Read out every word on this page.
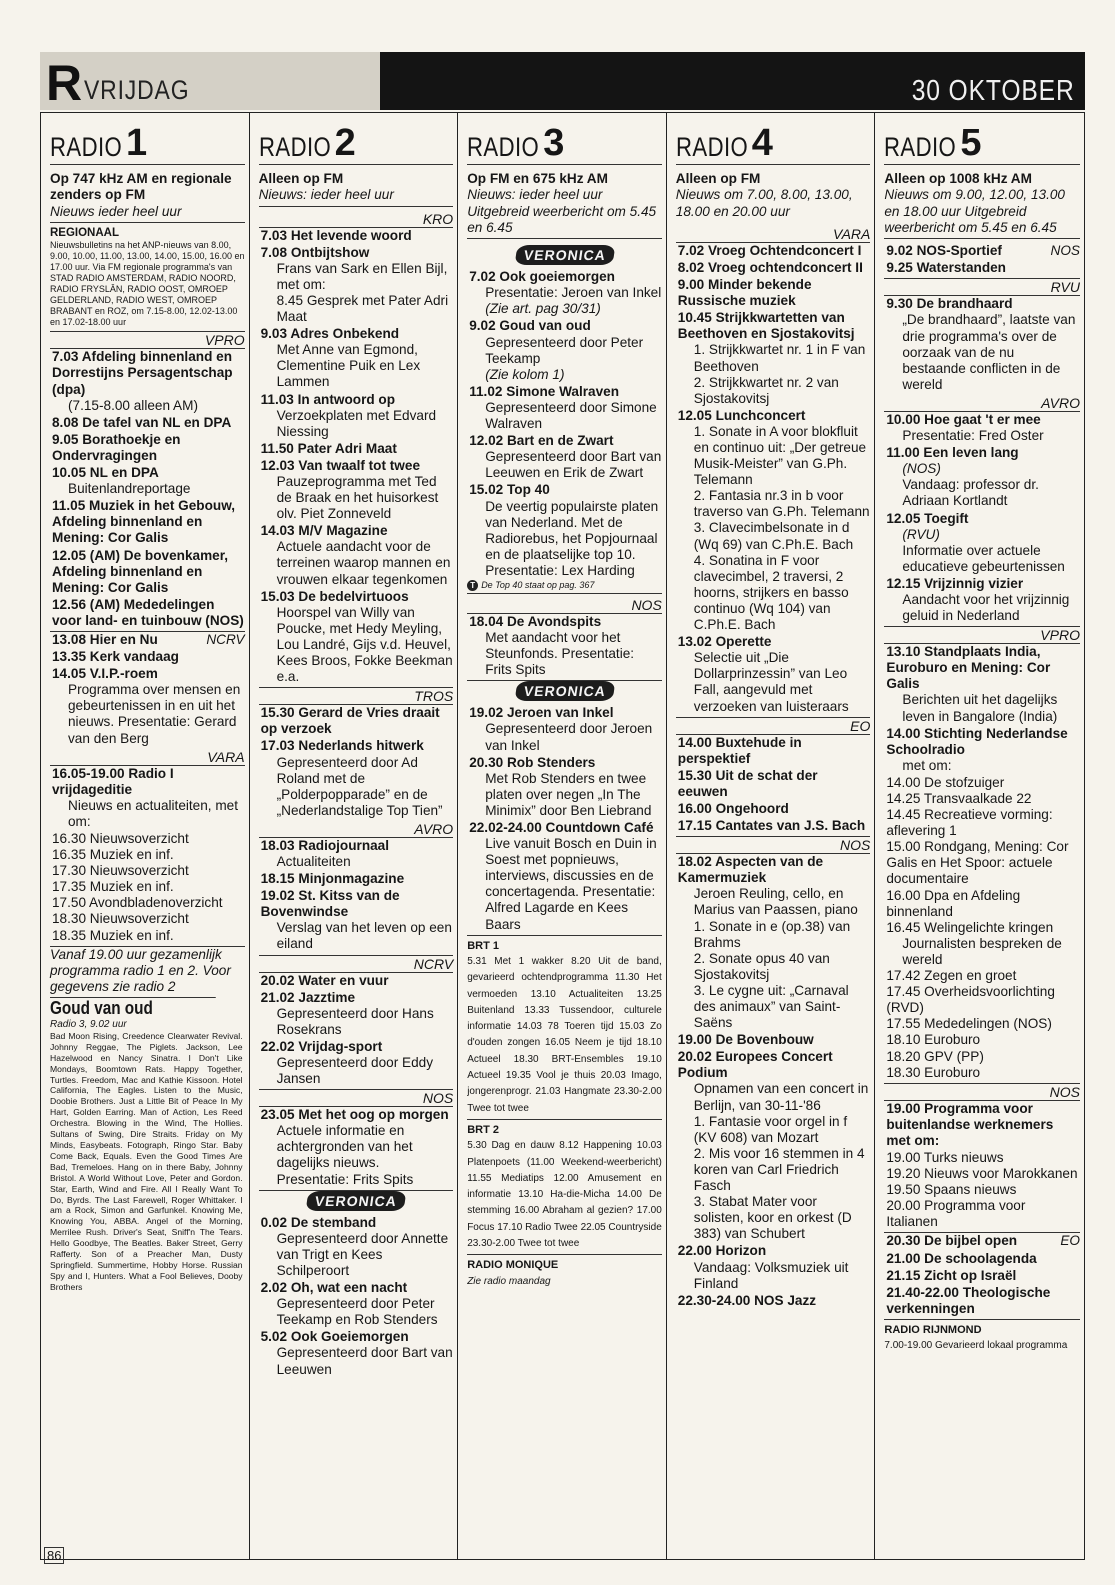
R VRIJDAG	30 OKTOBER
RADIO 1
Op 747 kHz AM en regionale zenders op FM
Nieuws ieder heel uur
REGIONAAL
Nieuwsbulletins na het ANP-nieuws van 8.00, 9.00, 10.00, 11.00, 13.00, 14.00, 15.00, 16.00 en 17.00 uur. Via FM regionale programma's van STAD RADIO AMSTERDAM, RADIO NOORD, RADIO FRYSLÂN, RADIO OOST, OMROEP GELDERLAND, RADIO WEST, OMROEP BRABANT en ROZ, om 7.15-8.00, 12.02-13.00 en 17.02-18.00 uur
VPRO
7.03 Afdeling binnenland en Dorrestijns Persagentschap (dpa)
(7.15-8.00 alleen AM)
8.08 De tafel van NL en DPA
9.05 Borathoekje en Ondervragingen
10.05 NL en DPA
Buitenlandreportage
11.05 Muziek in het Gebouw, Afdeling binnenland en Mening: Cor Galis
12.05 (AM) De bovenkamer, Afdeling binnenland en Mening: Cor Galis
12.56 (AM) Mededelingen voor land- en tuinbouw (NOS)
13.08 Hier en Nu	NCRV
13.35 Kerk vandaag
14.05 V.I.P.-roem
Programma over mensen en gebeurtenissen in en uit het nieuws. Presentatie: Gerard van den Berg
VARA
16.05-19.00 Radio I vrijdageditie
Nieuws en actualiteiten, met om:
16.30 Nieuwsoverzicht
16.35 Muziek en inf.
17.30 Nieuwsoverzicht
17.35 Muziek en inf.
17.50 Avondbladenoverzicht
18.30 Nieuwsoverzicht
18.35 Muziek en inf.
Vanaf 19.00 uur gezamenlijk programma radio 1 en 2. Voor gegevens zie radio 2
Goud van oud
Radio 3, 9.02 uur
Bad Moon Rising, Creedence Clearwater Revival. Johnny Reggae, The Piglets. Jackson, Lee Hazelwood en Nancy Sinatra. I Don't Like Mondays, Boomtown Rats. Happy Together, Turtles. Freedom, Mac and Kathie Kissoon. Hotel California, The Eagles. Listen to the Music, Doobie Brothers. Just a Little Bit of Peace In My Hart, Golden Earring. Man of Action, Les Reed Orchestra. Blowing in the Wind, The Hollies. Sultans of Swing, Dire Straits. Friday on My Minds, Easybeats. Fotograph, Ringo Star. Baby Come Back, Equals. Even the Good Times Are Bad, Tremeloes. Hang on in there Baby, Johnny Bristol. A World Without Love, Peter and Gordon. Star, Earth, Wind and Fire. All I Really Want To Do, Byrds. The Last Farewell, Roger Whittaker. I am a Rock, Simon and Garfunkel. Knowing Me, Knowing You, ABBA. Angel of the Morning, Merrilee Rush. Driver's Seat, Sniff'n The Tears. Hello Goodbye, The Beatles. Baker Street, Gerry Rafferty. Son of a Preacher Man, Dusty Springfield. Summertime, Hobby Horse. Russian Spy and I, Hunters. What a Fool Believes, Dooby Brothers
RADIO 2
Alleen op FM
Nieuws: ieder heel uur
KRO
7.03 Het levende woord
7.08 Ontbijtshow
Frans van Sark en Ellen Bijl, met om:
8.45 Gesprek met Pater Adri Maat
9.03 Adres Onbekend
Met Anne van Egmond, Clementine Puik en Lex Lammen
11.03 In antwoord op
Verzoekplaten met Edvard Niessing
11.50 Pater Adri Maat
12.03 Van twaalf tot twee
Pauzeprogramma met Ted de Braak en het huisorkest olv. Piet Zonneveld
14.03 M/V Magazine
Actuele aandacht voor de terreinen waarop mannen en vrouwen elkaar tegenkomen
15.03 De bedelvirtuoos
Hoorspel van Willy van Poucke, met Hedy Meyling, Lou Landré, Gijs v.d. Heuvel, Kees Broos, Fokke Beekman e.a.
TROS
15.30 Gerard de Vries draait op verzoek
17.03 Nederlands hitwerk
Gepresenteerd door Ad Roland met de „Polderpopparade” en de „Nederlandstalige Top Tien”
AVRO
18.03 Radiojournaal
Actualiteiten
18.15 Minjonmagazine
19.02 St. Kitss van de Bovenwindse
Verslag van het leven op een eiland
NCRV
20.02 Water en vuur
21.02 Jazztime
Gepresenteerd door Hans Rosekrans
22.02 Vrijdag-sport
Gepresenteerd door Eddy Jansen
NOS
23.05 Met het oog op morgen
Actuele informatie en achtergronden van het dagelijks nieuws. Presentatie: Frits Spits
VERONICA
0.02 De stemband
Gepresenteerd door Annette van Trigt en Kees Schilperoort
2.02 Oh, wat een nacht
Gepresenteerd door Peter Teekamp en Rob Stenders
5.02 Ook Goeiemorgen
Gepresenteerd door Bart van Leeuwen
RADIO 3
Op FM en 675 kHz AM
Nieuws: ieder heel uur Uitgebreid weerbericht om 5.45 en 6.45
VERONICA
7.02 Ook goeiemorgen
Presentatie: Jeroen van Inkel
(Zie art. pag 30/31)
9.02 Goud van oud
Gepresenteerd door Peter Teekamp
(Zie kolom 1)
11.02 Simone Walraven
Gepresenteerd door Simone Walraven
12.02 Bart en de Zwart
Gepresenteerd door Bart van Leeuwen en Erik de Zwart
15.02 Top 40
De veertig populairste platen van Nederland. Met de Radiorebus, het Popjournaal en de plaatselijke top 10. Presentatie: Lex Harding
T De Top 40 staat op pag. 367
NOS
18.04 De Avondspits
Met aandacht voor het Steunfonds. Presentatie: Frits Spits
VERONICA
19.02 Jeroen van Inkel
Gepresenteerd door Jeroen van Inkel
20.30 Rob Stenders
Met Rob Stenders en twee platen over negen „In The Minimix” door Ben Liebrand
22.02-24.00 Countdown Café
Live vanuit Bosch en Duin in Soest met popnieuws, interviews, discussies en de concertagenda. Presentatie: Alfred Lagarde en Kees Baars
BRT 1
5.31 Met 1 wakker 8.20 Uit de band, gevarieerd ochtendprogramma 11.30 Het vermoeden 13.10 Actualiteiten 13.25 Buitenland 13.33 Tussendoor, culturele informatie 14.03 78 Toeren tijd 15.03 Zo d'ouden zongen 16.05 Neem je tijd 18.10 Actueel 18.30 BRT-Ensembles 19.10 Actueel 19.35 Vool je thuis 20.03 Imago, jongerenprogr. 21.03 Hangmate 23.30-2.00 Twee tot twee
BRT 2
5.30 Dag en dauw 8.12 Happening 10.03 Platenpoets (11.00 Weekend-weerbericht) 11.55 Mediatips 12.00 Amusement en informatie 13.10 Ha-die-Micha 14.00 De stemming 16.00 Abraham al gezien? 17.00 Focus 17.10 Radio Twee 22.05 Countryside 23.30-2.00 Twee tot twee
RADIO MONIQUE
Zie radio maandag
RADIO 4
Alleen op FM
Nieuws om 7.00, 8.00, 13.00, 18.00 en 20.00 uur
VARA
7.02 Vroeg Ochtendconcert I
8.02 Vroeg ochtendconcert II
9.00 Minder bekende Russische muziek
10.45 Strijkkwartetten van Beethoven en Sjostakovitsj
1. Strijkkwartet nr. 1 in F van Beethoven
2. Strijkkwartet nr. 2 van Sjostakovitsj
12.05 Lunchconcert
1. Sonate in A voor blokfluit en continuo uit: „Der getreue Musik-Meister” van G.Ph. Telemann
2. Fantasia nr.3 in b voor traverso van G.Ph. Telemann
3. Clavecimbelsonate in d (Wq 69) van C.Ph.E. Bach
4. Sonatina in F voor clavecimbel, 2 traversi, 2 hoorns, strijkers en basso continuo (Wq 104) van C.Ph.E. Bach
13.02 Operette
Selectie uit „Die Dollarprinzessin” van Leo Fall, aangevuld met verzoeken van luisteraars
EO
14.00 Buxtehude in perspektief
15.30 Uit de schat der eeuwen
16.00 Ongehoord
17.15 Cantates van J.S. Bach
NOS
18.02 Aspecten van de Kamermuziek
Jeroen Reuling, cello, en Marius van Paassen, piano
1. Sonate in e (op.38) van Brahms
2. Sonate opus 40 van Sjostakovitsj
3. Le cygne uit: „Carnaval des animaux” van Saint-Saëns
19.00 De Bovenbouw
20.02 Europees Concert Podium
Opnamen van een concert in Berlijn, van 30-11-'86
1. Fantasie voor orgel in f (KV 608) van Mozart
2. Mis voor 16 stemmen in 4 koren van Carl Friedrich Fasch
3. Stabat Mater voor solisten, koor en orkest (D 383) van Schubert
22.00 Horizon
Vandaag: Volksmuziek uit Finland
22.30-24.00 NOS Jazz
RADIO 5
Alleen op 1008 kHz AM
Nieuws om 9.00, 12.00, 13.00 en 18.00 uur Uitgebreid weerbericht om 5.45 en 6.45
9.02 NOS-Sportief	NOS
9.25 Waterstanden
RVU
9.30 De brandhaard
„De brandhaard”, laatste van drie programma's over de oorzaak van de nu bestaande conflicten in de wereld
AVRO
10.00 Hoe gaat 't er mee
Presentatie: Fred Oster
11.00 Een leven lang
(NOS)
Vandaag: professor dr. Adriaan Kortlandt
12.05 Toegift
(RVU)
Informatie over actuele educatieve gebeurtenissen
12.15 Vrijzinnig vizier
Aandacht voor het vrijzinnig geluid in Nederland
VPRO
13.10 Standplaats India, Euroburo en Mening: Cor Galis
Berichten uit het dagelijks leven in Bangalore (India)
14.00 Stichting Nederlandse Schoolradio
met om:
14.00 De stofzuiger
14.25 Transvaalkade 22
14.45 Recreatieve vorming: aflevering 1
15.00 Rondgang, Mening: Cor Galis en Het Spoor: actuele documentaire
16.00 Dpa en Afdeling binnenland
16.45 Welingelichte kringen
Journalisten bespreken de wereld
17.42 Zegen en groet
17.45 Overheidsvoorlichting (RVD)
17.55 Mededelingen (NOS)
18.10 Euroburo
18.20 GPV (PP)
18.30 Euroburo
NOS
19.00 Programma voor buitenlandse werknemers met om:
19.00 Turks nieuws
19.20 Nieuws voor Marokkanen
19.50 Spaans nieuws
20.00 Programma voor Italianen
20.30 De bijbel open	EO
21.00 De schoolagenda
21.15 Zicht op Israël
21.40-22.00 Theologische verkenningen
RADIO RIJNMOND
7.00-19.00 Gevarieerd lokaal programma
86
